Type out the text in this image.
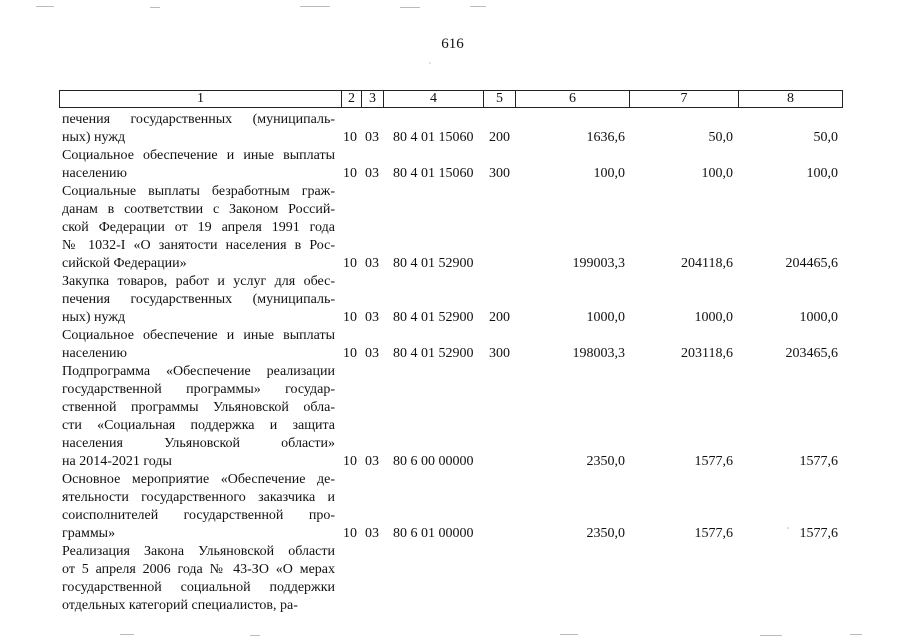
616
1	2	3	4	5	6	7	8
печения государственных (муниципаль-
ных) нужд	10 03 80 4 01 15060	200	1636,6	50,0	50,0
Социальное обеспечение и иные выплаты
населению	10 03 80 4 01 15060	300	100,0	100,0	100,0
Социальные выплаты безработным граж-
данам в соответствии с Законом Россий-
ской Федерации от 19 апреля 1991 года
№ 1032-I «О занятости населения в Рос-
сийской Федерации»	10 03 80 4 01 52900	199003,3	204118,6	204465,6
Закупка товаров, работ и услуг для обес-
печения государственных (муниципаль-
ных) нужд	10 03 80 4 01 52900	200	1000,0	1000,0	1000,0
Социальное обеспечение и иные выплаты
населению	10 03 80 4 01 52900	300	198003,3	203118,6	203465,6
Подпрограмма «Обеспечение реализации
государственной программы» государ-
ственной программы Ульяновской обла-
сти «Социальная поддержка и защита
населения Ульяновской области»
на 2014-2021 годы	10 03 80 6 00 00000	2350,0	1577,6	1577,6
Основное мероприятие «Обеспечение де-
ятельности государственного заказчика и
соисполнителей государственной про-
граммы»	10 03 80 6 01 00000	2350,0	1577,6	1577,6
Реализация Закона Ульяновской области
от 5 апреля 2006 года № 43-ЗО «О мерах
государственной социальной поддержки
отдельных категорий специалистов, ра-
